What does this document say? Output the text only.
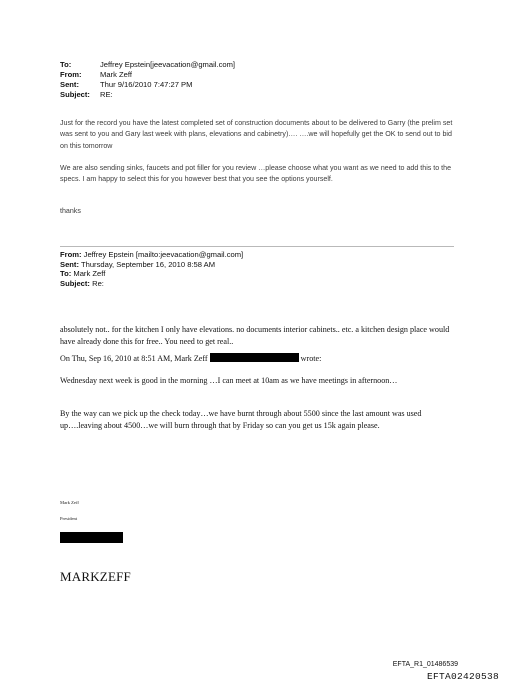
To:	Jeffrey Epstein[jeevacation@gmail.com]
From:	Mark Zeff
Sent:	Thur 9/16/2010 7:47:27 PM
Subject:	RE:
Just for the record you have the latest completed set of construction documents about to be delivered to Garry (the prelim set was sent to you and Gary last week with plans, elevations and cabinetry)…. ….we will hopefully get the OK to send out to bid on this tomorrow
We are also sending sinks, faucets and pot filler for you review …please choose what you want as we need to add this to the specs. I am happy to select this for you however best that you see the options yourself.
thanks
From: Jeffrey Epstein [mailto:jeevacation@gmail.com]
Sent: Thursday, September 16, 2010 8:58 AM
To: Mark Zeff
Subject: Re:
absolutely not.. for the kitchen I only have elevations. no documents interior cabinets.. etc. a kitchen design place would have already done this for free.. You need to get real..
On Thu, Sep 16, 2010 at 8:51 AM, Mark Zeff	wrote:
Wednesday next week is good in the morning …I can meet at 10am as we have meetings in afternoon…
By the way can we pick up the check today…we have burnt through about 5500 since the last amount was used up….leaving about 4500…we will burn through that by Friday so can you get us 15k again please.
Mark Zeff
President
MARKZEFF
EFTA_R1_01486539
EFTA02420538
